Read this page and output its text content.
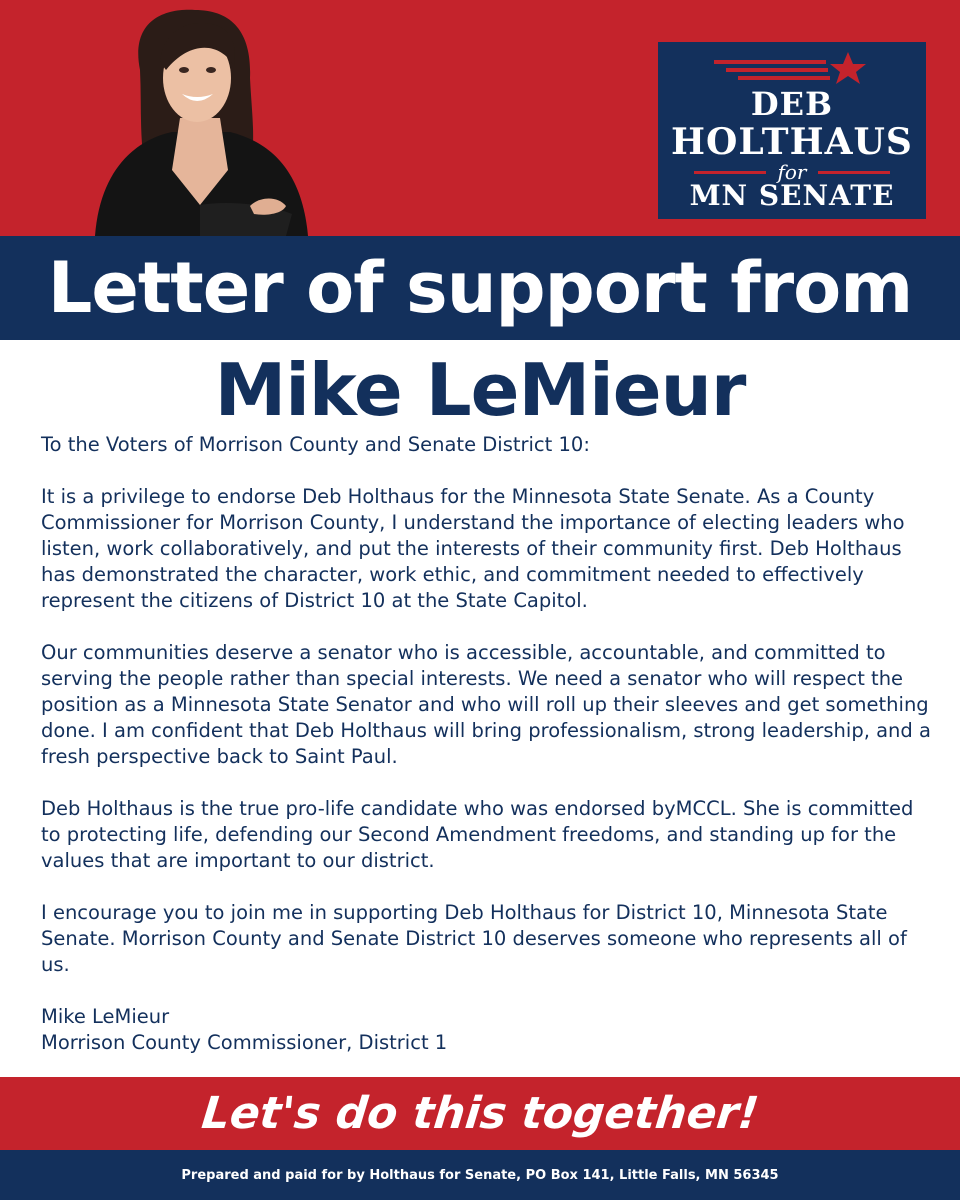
DEB
HOLTHAUS
for
MN SENATE
Letter of support from
Mike LeMieur

To the Voters of Morrison County and Senate District 10:

It is a privilege to endorse Deb Holthaus for the Minnesota State Senate. As a County Commissioner for Morrison County, I understand the importance of electing leaders who listen, work collaboratively, and put the interests of their community first. Deb Holthaus has demonstrated the character, work ethic, and commitment needed to effectively represent the citizens of District 10 at the State Capitol.

Our communities deserve a senator who is accessible, accountable, and committed to serving the people rather than special interests. We need a senator who will respect the position as a Minnesota State Senator and who will roll up their sleeves and get something done. I am confident that Deb Holthaus will bring professionalism, strong leadership, and a fresh perspective back to Saint Paul.

Deb Holthaus is the true pro-life candidate who was endorsed byMCCL. She is committed to protecting life, defending our Second Amendment freedoms, and standing up for the values that are important to our district.

I encourage you to join me in supporting Deb Holthaus for District 10, Minnesota State Senate. Morrison County and Senate District 10 deserves someone who represents all of us.

Mike LeMieur

Morrison County Commissioner, District 1

Let's do this together!
Prepared and paid for by Holthaus for Senate, PO Box 141, Little Falls, MN 56345
